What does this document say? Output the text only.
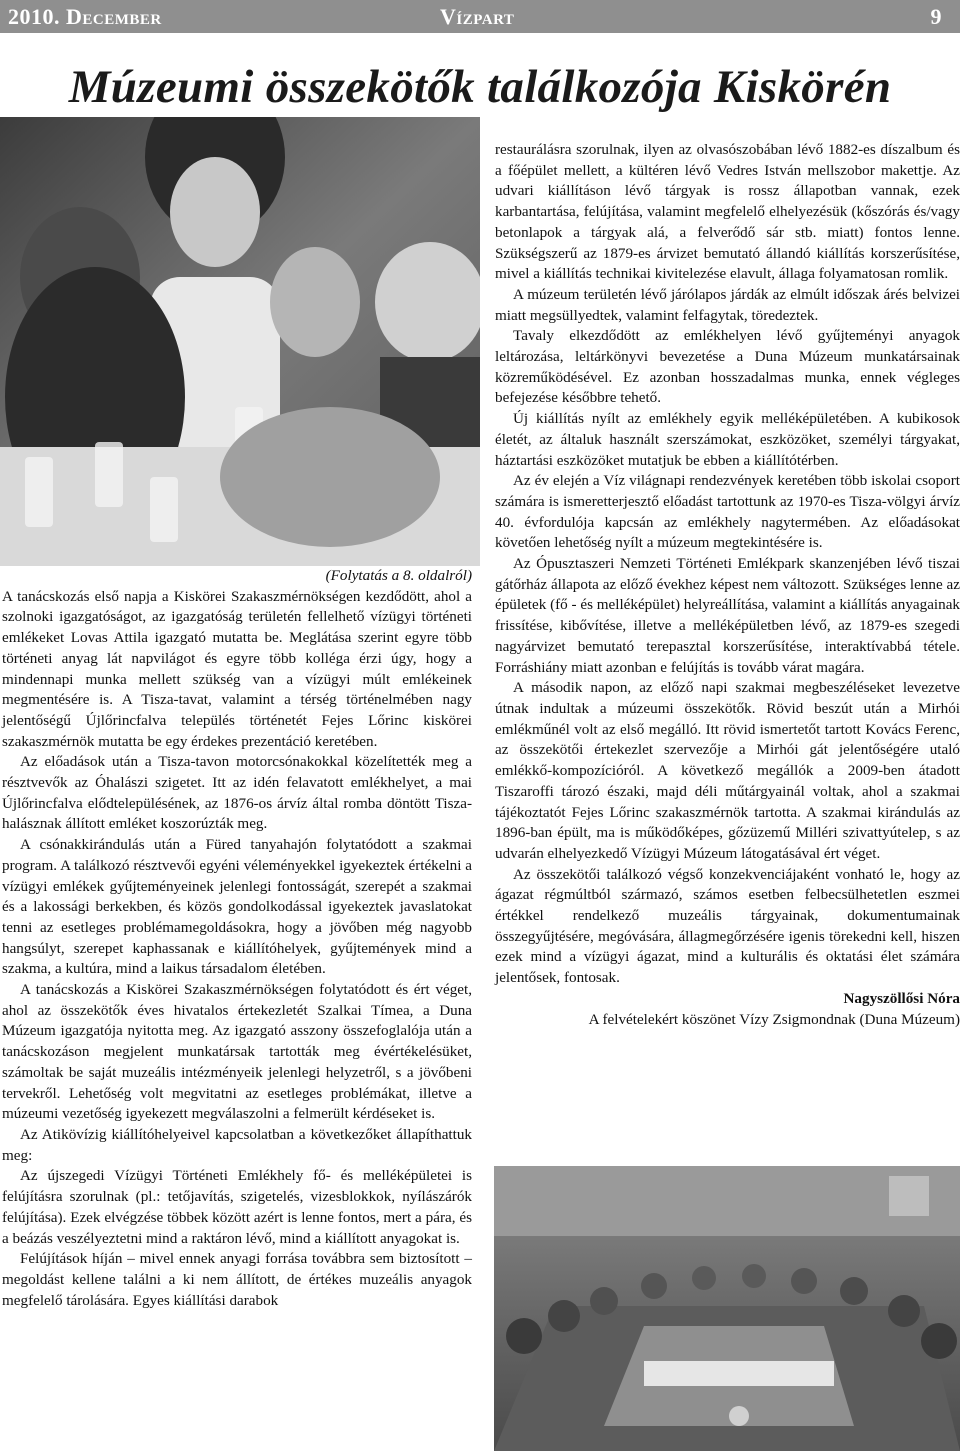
2010. December	Vízpart	9
Múzeumi összekötők találkozója Kiskörén

(Folytatás a 8. oldalról)

A tanácskozás első napja a Kiskörei Szakaszmérnökségen kezdődött, ahol a szolnoki igazgatóságot, az igazgatóság területén fellelhető vízügyi történeti emlékeket Lovas Attila igazgató mutatta be. Meglátása szerint egyre több történeti anyag lát napvilágot és egyre több kolléga érzi úgy, hogy a mindennapi munka mellett szükség van a vízügyi múlt emlékeinek megmentésére is. A Tisza-tavat, valamint a térség történelmében nagy jelentőségű Újlőrincfalva település történetét Fejes Lőrinc kiskörei szakaszmérnök mutatta be egy érdekes prezentáció keretében.

Az előadások után a Tisza-tavon motorcsónakokkal közelítették meg a résztvevők az Óhalászi szigetet. Itt az idén felavatott emlékhelyet, a mai Újlőrincfalva elődtelepülésének, az 1876-os árvíz által romba döntött Tisza-halásznak állított emléket koszorúzták meg.

A csónakkirándulás után a Füred tanyahajón folytatódott a szakmai program. A találkozó résztvevői egyéni véleményekkel igyekeztek értékelni a vízügyi emlékek gyűjteményeinek jelenlegi fontosságát, szerepét a szakmai és a lakossági berkekben, és közös gondolkodással igyekeztek javaslatokat tenni az esetleges problémamegoldásokra, hogy a jövőben még nagyobb hangsúlyt, szerepet kaphassanak e kiállítóhelyek, gyűjtemények mind a szakma, a kultúra, mind a laikus társadalom életében.

A tanácskozás a Kiskörei Szakaszmérnökségen folytatódott és ért véget, ahol az összekötők éves hivatalos értekezletét Szalkai Tímea, a Duna Múzeum igazgatója nyitotta meg. Az igazgató asszony összefoglalója után a tanácskozáson megjelent munkatársak tartották meg évértékelésüket, számoltak be saját muzeális intézményeik jelenlegi helyzetről, s a jövőbeni tervekről. Lehetőség volt megvitatni az esetleges problémákat, illetve a múzeumi vezetőség igyekezett megválaszolni a felmerült kérdéseket is.

Az Atikövízig kiállítóhelyeivel kapcsolatban a következőket állapíthattuk meg:

Az újszegedi Vízügyi Történeti Emlékhely fő- és melléképületei is felújításra szorulnak (pl.: tetőjavítás, szigetelés, vizesblokkok, nyílászárók felújítása). Ezek elvégzése többek között azért is lenne fontos, mert a pára, és a beázás veszélyeztetni mind a raktáron lévő, mind a kiállított anyagokat is.

Felújítások híján – mivel ennek anyagi forrása továbbra sem biztosított – megoldást kellene találni a ki nem állított, de értékes muzeális anyagok megfelelő tárolására. Egyes kiállítási darabok

restaurálásra szorulnak, ilyen az olvasószobában lévő 1882-es díszalbum és a főépület mellett, a kültéren lévő Vedres István mellszobor makettje. Az udvari kiállításon lévő tárgyak is rossz állapotban vannak, ezek karbantartása, felújítása, valamint megfelelő elhelyezésük (kőszórás és/vagy betonlapok a tárgyak alá, a felverődő sár stb. miatt) fontos lenne. Szükségszerű az 1879-es árvizet bemutató állandó kiállítás korszerűsítése, mivel a kiállítás technikai kivitelezése elavult, állaga folyamatosan romlik.

A múzeum területén lévő járólapos járdák az elmúlt időszak árés belvizei miatt megsüllyedtek, valamint felfagytak, töredeztek.

Tavaly elkezdődött az emlékhelyen lévő gyűjteményi anyagok leltározása, leltárkönyvi bevezetése a Duna Múzeum munkatársainak közreműködésével. Ez azonban hosszadalmas munka, ennek végleges befejezése későbbre tehető.

Új kiállítás nyílt az emlékhely egyik melléképületében. A kubikosok életét, az általuk használt szerszámokat, eszközöket, személyi tárgyakat, háztartási eszközöket mutatjuk be ebben a kiállítótérben.

Az év elején a Víz világnapi rendezvények keretében több iskolai csoport számára is ismeretterjesztő előadást tartottunk az 1970-es Tisza-völgyi árvíz 40. évfordulója kapcsán az emlékhely nagytermében. Az előadásokat követően lehetőség nyílt a múzeum megtekintésére is.

Az Ópusztaszeri Nemzeti Történeti Emlékpark skanzenjében lévő tiszai gátőrház állapota az előző évekhez képest nem változott. Szükséges lenne az épületek (fő - és melléképület) helyreállítása, valamint a kiállítás anyagainak frissítése, kibővítése, illetve a melléképületben lévő, az 1879-es szegedi nagyárvizet bemutató terepasztal korszerűsítése, interaktívabbá tétele. Forráshiány miatt azonban e felújítás is tovább várat magára.

A második napon, az előző napi szakmai megbeszéléseket levezetve útnak indultak a múzeumi összekötők. Rövid beszút után a Mirhói emlékműnél volt az első megálló. Itt rövid ismertetőt tartott Kovács Ferenc, az összekötői értekezlet szervezője a Mirhói gát jelentőségére utaló emlékkő-kompozícióról. A következő megállók a 2009-ben átadott Tiszaroffi tározó északi, majd déli műtárgyainál voltak, ahol a szakmai tájékoztatót Fejes Lőrinc szakaszmérnök tartotta. A szakmai kirándulás az 1896-ban épült, ma is működőképes, gőzüzemű Milléri szivattyútelep, s az udvarán elhelyezkedő Vízügyi Múzeum látogatásával ért véget.

Az összekötői találkozó végső konzekvenciájaként vonható le, hogy az ágazat régmúltból származó, számos esetben felbecsülhetetlen eszmei értékkel rendelkező muzeális tárgyainak, dokumentumainak összegyűjtésére, megóvására, állagmegőrzésére igenis törekedni kell, hiszen ezek mind a vízügyi ágazat, mind a kulturális és oktatási élet számára jelentősek, fontosak.

Nagyszöllősi Nóra

A felvételekért köszönet Vízy Zsigmondnak (Duna Múzeum)
